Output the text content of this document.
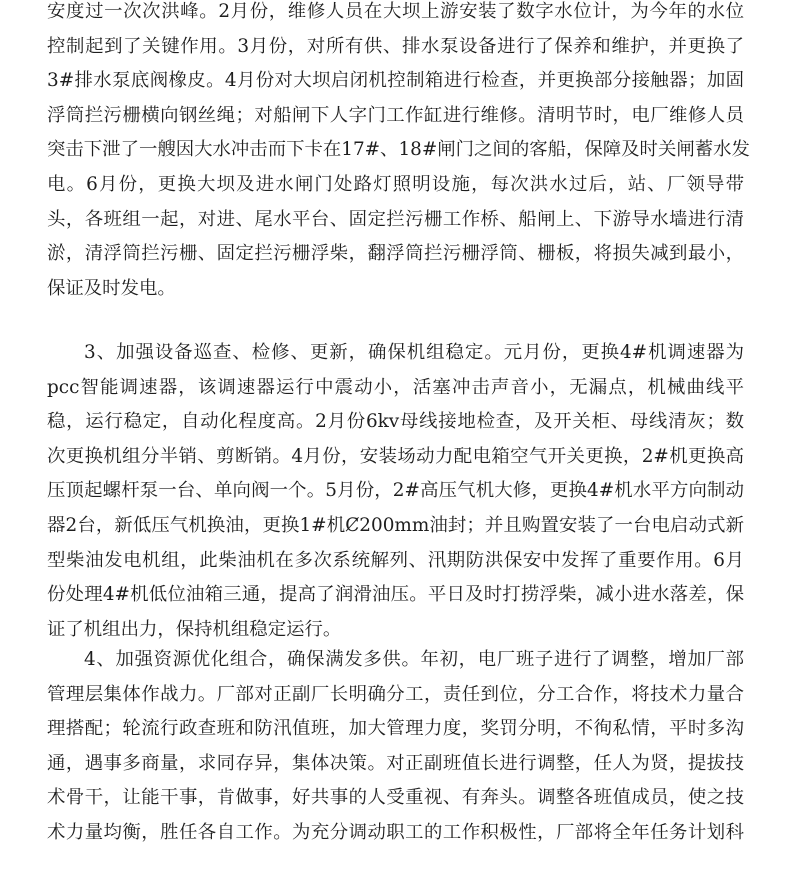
安度过一次次洪峰。2月份，维修人员在大坝上游安装了数字水位计，为今年的水位
控制起到了关键作用。3月份，对所有供、排水泵设备进行了保养和维护，并更换了
3#排水泵底阀橡皮。4月份对大坝启闭机控制箱进行检查，并更换部分接触器；加固
浮筒拦污栅横向钢丝绳；对船闸下人字门工作缸进行维修。清明节时，电厂维修人员
突击下泄了一艘因大水冲击而下卡在17#、18#闸门之间的客船，保障及时关闸蓄水发
电。6月份，更换大坝及进水闸门处路灯照明设施，每次洪水过后，站、厂领导带
头，各班组一起，对进、尾水平台、固定拦污栅工作桥、船闸上、下游导水墙进行清
淤，清浮筒拦污栅、固定拦污栅浮柴，翻浮筒拦污栅浮筒、栅板，将损失减到最小，
保证及时发电。
3、加强设备巡查、检修、更新，确保机组稳定。元月份，更换4#机调速器为
pcc智能调速器，该调速器运行中震动小，活塞冲击声音小，无漏点，机械曲线平
稳，运行稳定，自动化程度高。2月份6kv母线接地检查，及开关柜、母线清灰；数
次更换机组分半销、剪断销。4月份，安装场动力配电箱空气开关更换，2#机更换高
压顶起螺杆泵一台、单向阀一个。5月份，2#高压气机大修，更换4#机水平方向制动
器2台，新低压气机换油，更换1#机Ȼ200mm油封；并且购置安装了一台电启动式新
型柴油发电机组，此柴油机在多次系统解列、汛期防洪保安中发挥了重要作用。6月
份处理4#机低位油箱三通，提高了润滑油压。平日及时打捞浮柴，减小进水落差，保
证了机组出力，保持机组稳定运行。
4、加强资源优化组合，确保满发多供。年初，电厂班子进行了调整，增加厂部
管理层集体作战力。厂部对正副厂长明确分工，责任到位，分工合作，将技术力量合
理搭配；轮流行政查班和防汛值班，加大管理力度，奖罚分明，不徇私情，平时多沟
通，遇事多商量，求同存异，集体决策。对正副班值长进行调整，任人为贤，提拔技
术骨干，让能干事，肯做事，好共事的人受重视、有奔头。调整各班值成员，使之技
术力量均衡，胜任各自工作。为充分调动职工的工作积极性，厂部将全年任务计划科
